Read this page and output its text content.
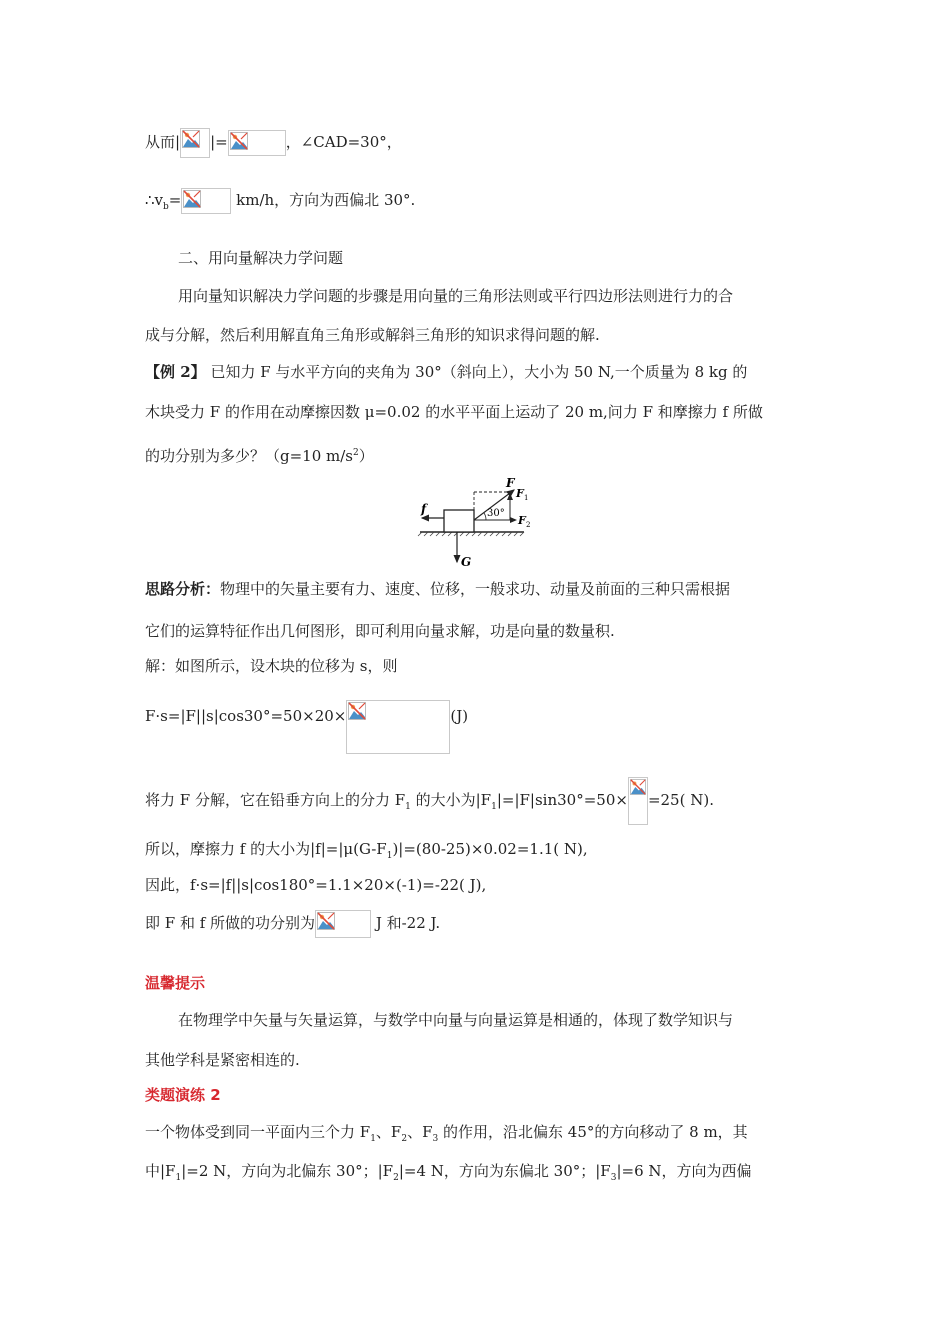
从而| |=	，∠CAD=30°，
$\therefore v_b=$	km/h，方向为西偏北 30°.
二、用向量解决力学问题
用向量知识解决力学问题的步骤是用向量的三角形法则或平行四边形法则进行力的合
成与分解，然后利用解直角三角形或解斜三角形的知识求得问题的解.
【例 2】 已知力 F 与水平方向的夹角为 30°（斜向上），大小为 50 N,一个质量为 8 kg 的
木块受力 F 的作用在动摩擦因数 μ=0.02 的水平平面上运动了 20 m,问力 F 和摩擦力 f 所做
的功分别为多少？（g=10 $m/s^2$）
f	30°
F
F 1
F 2
G
思路分析：物理中的矢量主要有力、速度、位移，一般求功、动量及前面的三种只需根据
它们的运算特征作出几何图形，即可利用向量求解，功是向量的数量积.
解：如图所示，设木块的位移为 s，则
F·s=|F||s|cos30°=50×20×	(J)
将力 F 分解，它在铅垂方向上的分力 $F_1$ 的大小为$|F_1|=|F|\sin 30^\circ=50\times =25$( N).
所以，摩擦力 f 的大小为$|f|=|\mu(G-F_1)|=(80-25)\times 0.02=1.1$( N),
因此，f·s=|f||s|cos180°=1.1×20×(-1)=-22( J),
即 F 和 f 所做的功分别为	J 和-22 J.
温馨提示
在物理学中矢量与矢量运算，与数学中向量与向量运算是相通的，体现了数学知识与
其他学科是紧密相连的.
类题演练 2
一个物体受到同一平面内三个力 $F_1$、$F_2$、$F_3$ 的作用，沿北偏东 45°的方向移动了 8 m，其
中$|F_1|=2$ N，方向为北偏东 30°；$|F_2|=4$ N，方向为东偏北 30°；$|F_3|=6$ N，方向为西偏
